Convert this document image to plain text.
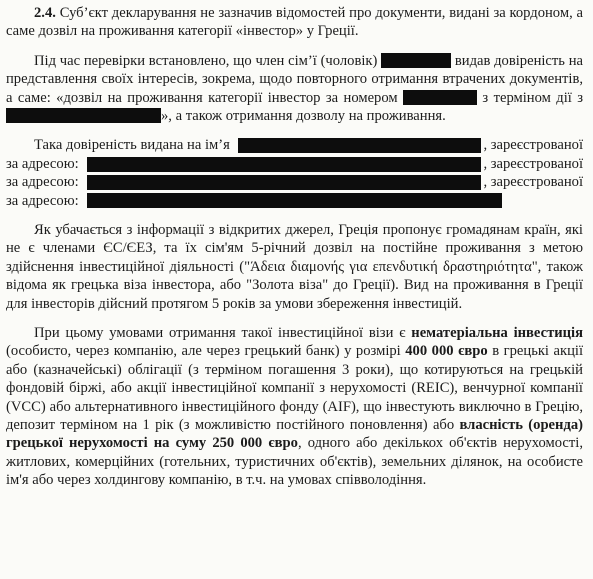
2.4. Суб’єкт декларування не зазначив відомостей про документи, видані за кордоном, а саме дозвіл на проживання категорії «інвестор» у Греції.

Під час перевірки встановлено, що член сім’ї (чоловік)	видав довіреність на представлення своїх інтересів, зокрема, щодо повторного отримання втрачених документів, а саме: «дозвіл на проживання категорії інвестор за номером	з терміном дії з », а також отримання дозволу на проживання.

Така довіреність видана на ім’я	, зареєстрованої
за адресою:	, зареєстрованої
за адресою:	, зареєстрованої
за адресою:

Як убачається з інформації з відкритих джерел, Греція пропонує громадянам країн, які не є членами ЄС/ЄЕЗ, та їх сім'ям 5-річний дозвіл на постійне проживання з метою здійснення інвестиційної діяльності ("Άδεια διαμονής για επενδυτική δραστηριότητα", також відома як грецька віза інвестора, або "Золота віза" до Греції). Вид на проживання в Греції для інвесторів дійсний протягом 5 років за умови збереження інвестицій.

При цьому умовами отримання такої інвестиційної візи є нематеріальна інвестиція (особисто, через компанію, але через грецький банк) у розмірі 400 000 євро в грецькі акції або (казначейські) облігації (з терміном погашення 3 роки), що котируються на грецькій фондовій біржі, або акції інвестиційної компанії з нерухомості (REIC), венчурної компанії (VCC) або альтернативного інвестиційного фонду (AIF), що інвестують виключно в Грецію, депозит терміном на 1 рік (з можливістю постійного поновлення) або власність (оренда) грецької нерухомості на суму 250 000 євро, одного або декількох об'єктів нерухомості, житлових, комерційних (готельних, туристичних об'єктів), земельних ділянок, на особисте ім'я або через холдингову компанію, в т.ч. на умовах співволодіння.
